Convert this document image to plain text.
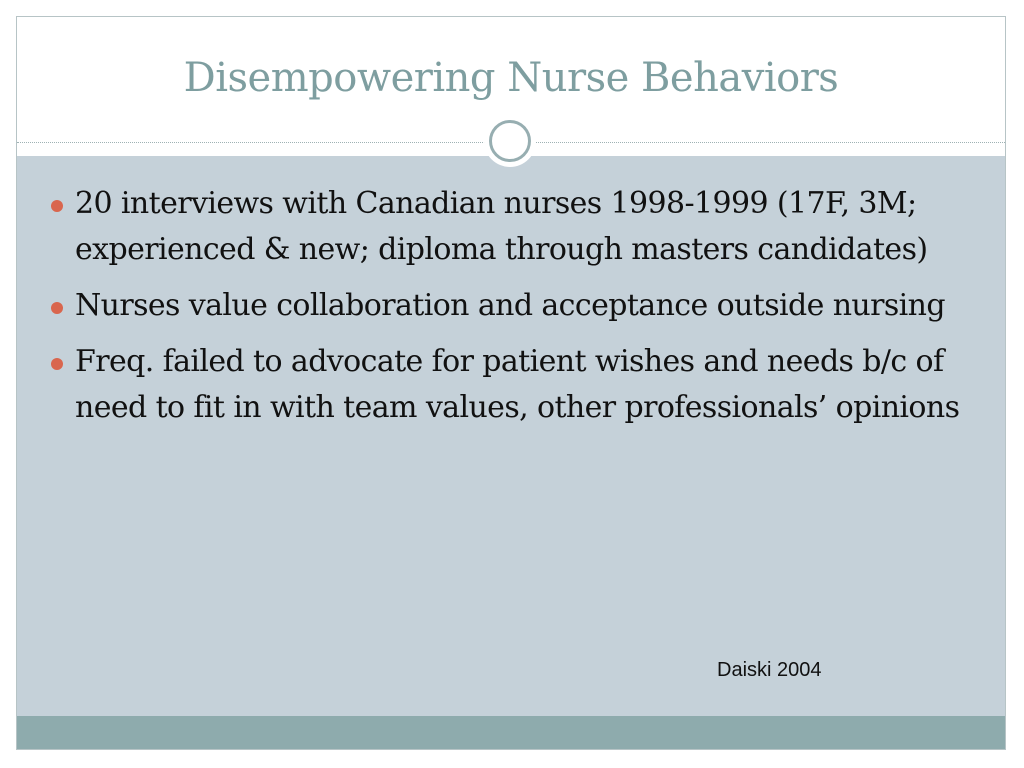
Disempowering Nurse Behaviors
20 interviews with Canadian nurses 1998-1999 (17F, 3M; experienced & new; diploma through masters candidates)
Nurses value collaboration and acceptance outside nursing
Freq. failed to advocate for patient wishes and needs b/c of need to fit in with team values, other professionals’ opinions
Daiski 2004
